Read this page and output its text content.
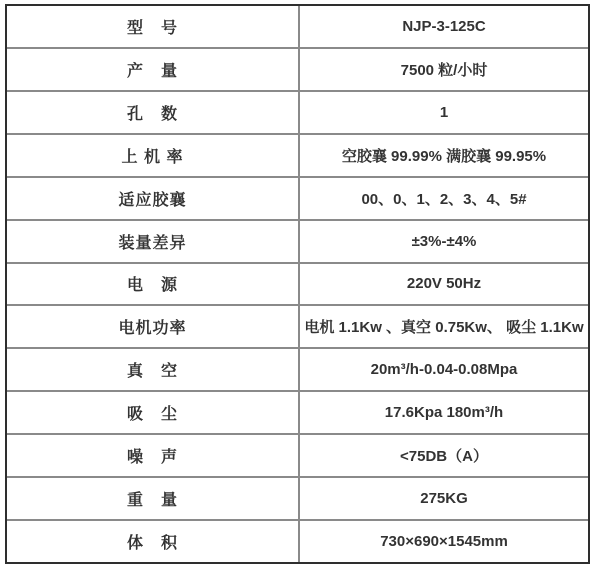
型　号	NJP-3-125C
产　量	7500 粒/小时
孔　数	1
上 机 率	空胶襄 99.99% 满胶襄 99.95%
适应胶襄	00、0、1、2、3、4、5#
装量差异	±3%-±4%
电　源	220V 50Hz
电机功率	电机 1.1Kw 、真空 0.75Kw、 吸尘 1.1Kw
真　空	20m³/h-0.04-0.08Mpa
吸　尘	17.6Kpa 180m³/h
噪　声	<75DB（A）
重　量	275KG
体　积	730×690×1545mm
